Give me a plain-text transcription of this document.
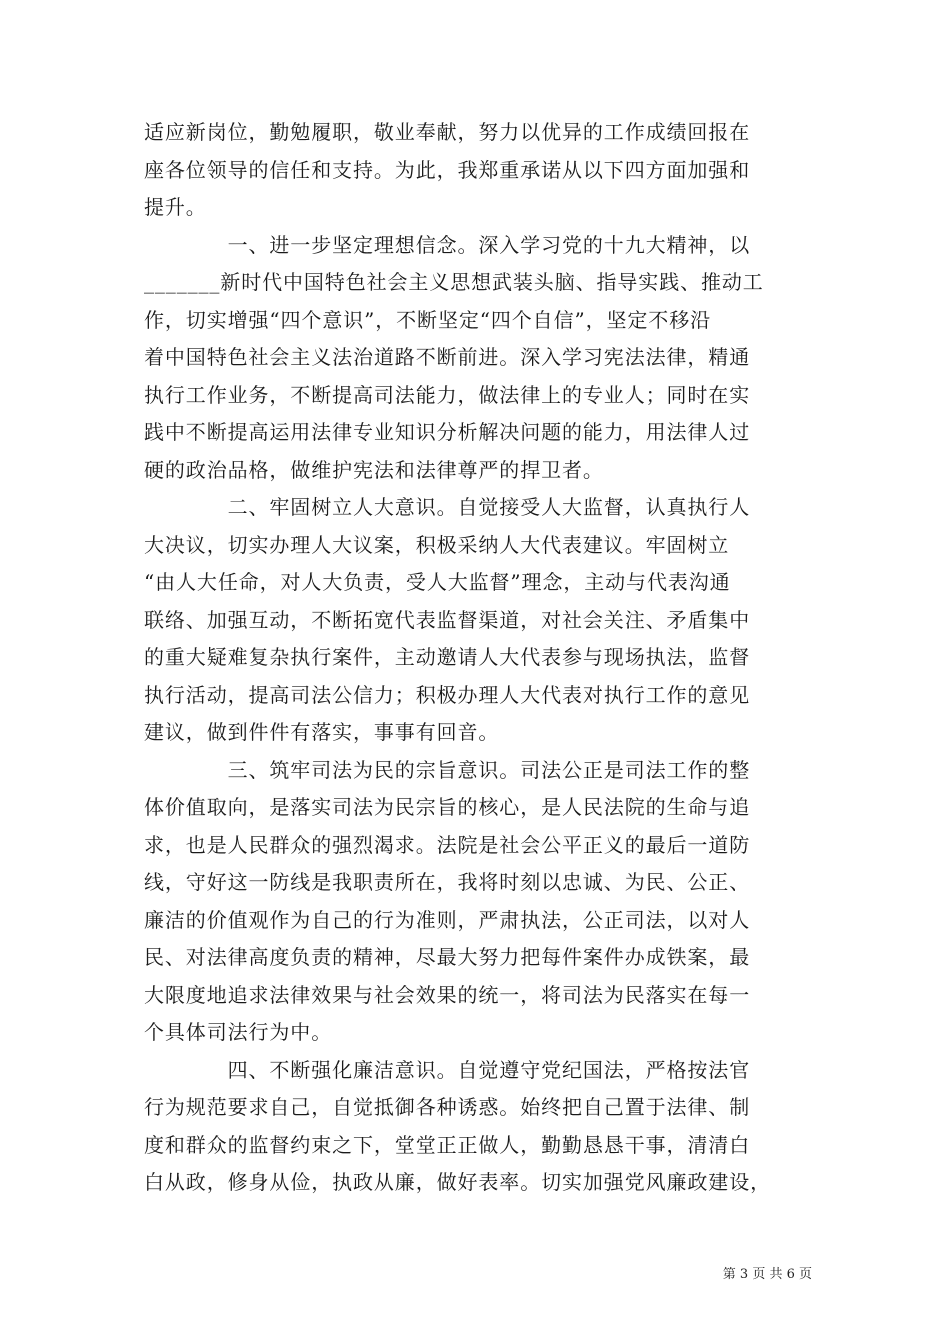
适应新岗位，勤勉履职，敬业奉献，努力以优异的工作成绩回报在
座各位领导的信任和支持。为此，我郑重承诺从以下四方面加强和
提升。
　　　　一、进一步坚定理想信念。深入学习党的十九大精神，以
_______新时代中国特色社会主义思想武装头脑、指导实践、推动工
作，切实增强“四个意识”，不断坚定“四个自信”，坚定不移沿
着中国特色社会主义法治道路不断前进。深入学习宪法法律，精通
执行工作业务，不断提高司法能力，做法律上的专业人；同时在实
践中不断提高运用法律专业知识分析解决问题的能力，用法律人过
硬的政治品格，做维护宪法和法律尊严的捍卫者。
　　　　二、牢固树立人大意识。自觉接受人大监督，认真执行人
大决议，切实办理人大议案，积极采纳人大代表建议。牢固树立
“由人大任命，对人大负责，受人大监督”理念，主动与代表沟通
联络、加强互动，不断拓宽代表监督渠道，对社会关注、矛盾集中
的重大疑难复杂执行案件，主动邀请人大代表参与现场执法，监督
执行活动，提高司法公信力；积极办理人大代表对执行工作的意见
建议，做到件件有落实，事事有回音。
　　　　三、筑牢司法为民的宗旨意识。司法公正是司法工作的整
体价值取向，是落实司法为民宗旨的核心，是人民法院的生命与追
求，也是人民群众的强烈渴求。法院是社会公平正义的最后一道防
线，守好这一防线是我职责所在，我将时刻以忠诚、为民、公正、
廉洁的价值观作为自己的行为准则，严肃执法，公正司法，以对人
民、对法律高度负责的精神，尽最大努力把每件案件办成铁案，最
大限度地追求法律效果与社会效果的统一，将司法为民落实在每一
个具体司法行为中。
　　　　四、不断强化廉洁意识。自觉遵守党纪国法，严格按法官
行为规范要求自己，自觉抵御各种诱惑。始终把自己置于法律、制
度和群众的监督约束之下，堂堂正正做人，勤勤恳恳干事，清清白
白从政，修身从俭，执政从廉，做好表率。切实加强党风廉政建设，
第 3 页 共 6 页
